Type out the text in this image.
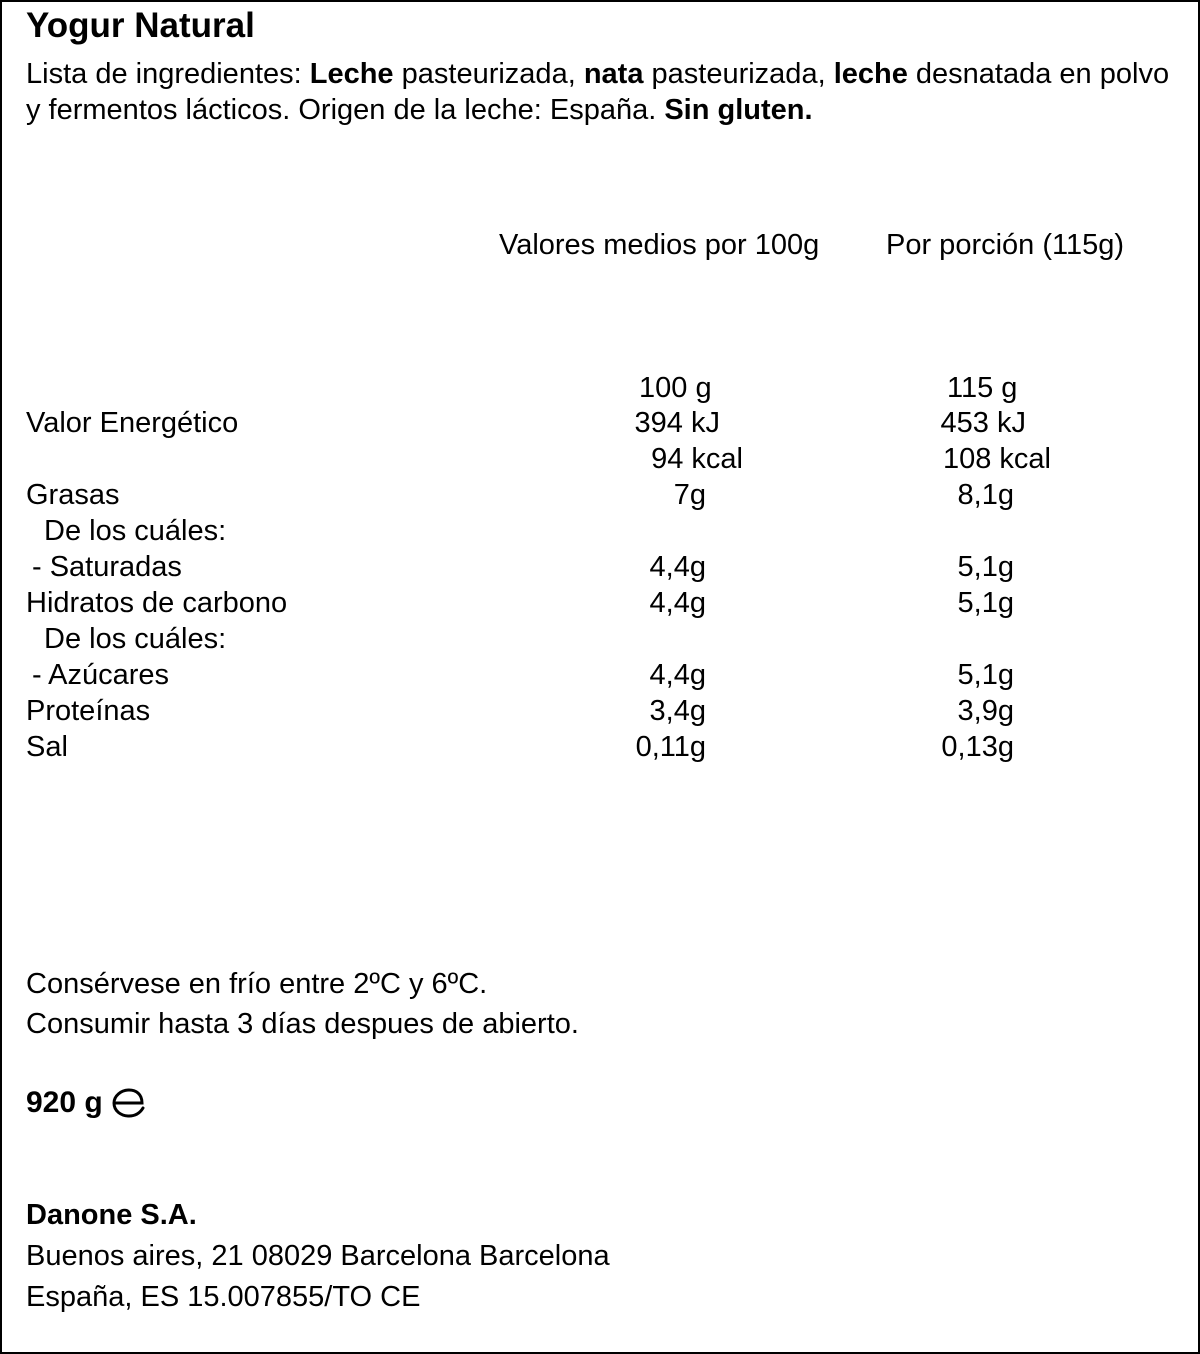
Yogur Natural
Lista de ingredientes: Leche pasteurizada, nata pasteurizada, leche desnatada en polvo y fermentos lácticos. Origen de la leche: España. Sin gluten.
Valores medios por 100g Por porción (115g)
100 g	115 g
Valor Energético	394 kJ	453 kJ
94 kcal	108 kcal
Grasas	7g	8,1g
De los cuáles:
- Saturadas	4,4g	5,1g
Hidratos de carbono	4,4g	5,1g
De los cuáles:
- Azúcares	4,4g	5,1g
Proteínas	3,4g	3,9g
Sal	0,11g	0,13g
Consérvese en frío entre 2ºC y 6ºC.
Consumir hasta 3 días despues de abierto.
920 g
Danone S.A.
Buenos aires, 21 08029 Barcelona Barcelona
España, ES 15.007855/TO CE
